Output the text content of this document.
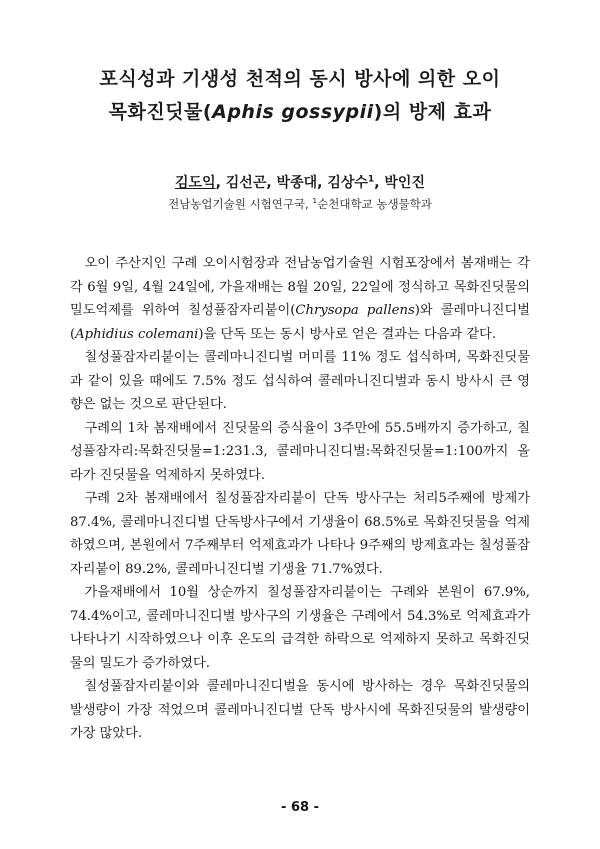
포식성과 기생성 천적의 동시 방사에 의한 오이
목화진딧물(Aphis gossypii)의 방제 효과
김도익, 김선곤, 박종대, 김상수$^1$, 박인진
전남농업기술원 시험연구국, $^1$순천대학교 농생물학과

오이 주산지인 구례 오이시험장과 전남농업기술원 시험포장에서 봄재배는 각각 6월 9일, 4월 24일에, 가을재배는 8월 20일, 22일에 정식하고 목화진딧물의 밀도억제를 위하여 칠성풀잠자리붙이(Chrysopa pallens)와 콜레마니진디벌(Aphidius colemani)을 단독 또는 동시 방사로 얻은 결과는 다음과 같다.

칠성풀잠자리붙이는 콜레마니진디벌 머미를 11% 정도 섭식하며, 목화진딧물과 같이 있을 때에도 7.5% 정도 섭식하여 콜레마니진디벌과 동시 방사시 큰 영향은 없는 것으로 판단된다.

구례의 1차 봄재배에서 진딧물의 증식율이 3주만에 55.5배까지 증가하고, 칠성풀잠자리:목화진딧물=1:231.3, 콜레마니진디벌:목화진딧물=1:100까지 올라가 진딧물을 억제하지 못하였다.

구례 2차 봄재배에서 칠성풀잠자리붙이 단독 방사구는 처리5주째에 방제가 87.4%, 콜레마니진디벌 단독방사구에서 기생율이 68.5%로 목화진딧물을 억제하였으며, 본원에서 7주째부터 억제효과가 나타나 9주째의 방제효과는 칠성풀잠자리붙이 89.2%, 콜레마니진디벌 기생율 71.7%였다.

가을재배에서 10월 상순까지 칠성풀잠자리붙이는 구례와 본원이 67.9%, 74.4%이고, 콜레마니진디벌 방사구의 기생율은 구례에서 54.3%로 억제효과가 나타나기 시작하였으나 이후 온도의 급격한 하락으로 억제하지 못하고 목화진딧물의 밀도가 증가하였다.

칠성풀잠자리붙이와 콜레마니진디벌을 동시에 방사하는 경우 목화진딧물의 발생량이 가장 적었으며 콜레마니진디벌 단독 방사시에 목화진딧물의 발생량이 가장 많았다.

- 68 -
